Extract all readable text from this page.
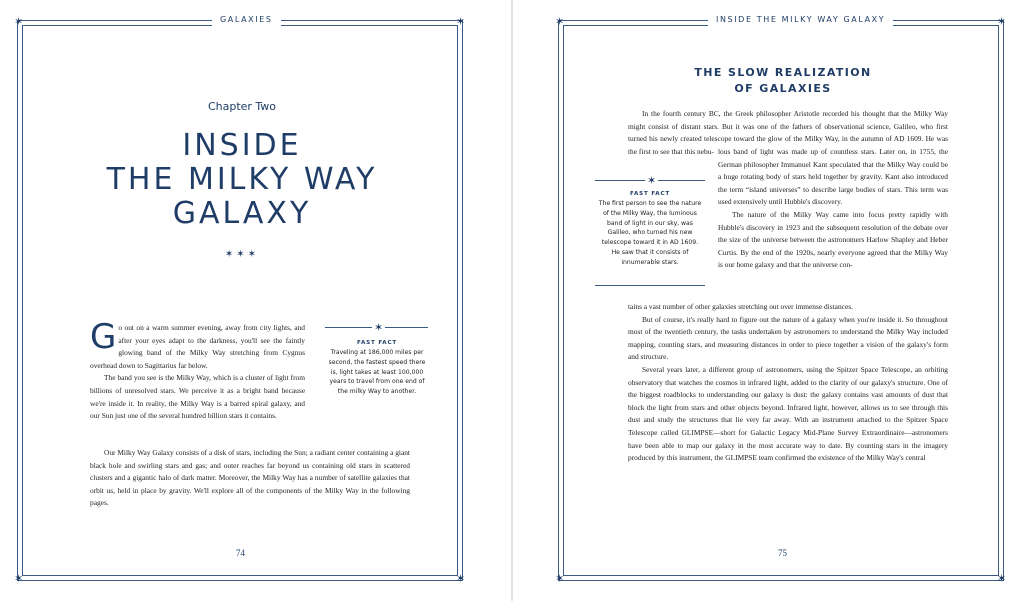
✶	✶
✶	✶
GALAXIES
Chapter Two
INSIDE
THE MILKY WAY
GALAXY
✶✶✶

Go out on a warm summer evening, away from city lights, and after your eyes adapt to the darkness, you'll see the faintly glowing band of the Milky Way stretching from Cygnus overhead down to Sagittarius far below.

The band you see is the Milky Way, which is a cluster of light from billions of unresolved stars. We perceive it as a bright band because we're inside it. In reality, the Milky Way is a barred spiral galaxy, and our Sun just one of the several hundred billion stars it contains.

✶
FAST FACT
Traveling at 186,000 miles per second, the fastest speed there is, light takes at least 100,000 years to travel from one end of the milky Way to another.

Our Milky Way Galaxy consists of a disk of stars, including the Sun; a radiant center containing a giant black hole and swirling stars and gas; and outer reaches far beyond us containing old stars in scattered clusters and a gigantic halo of dark matter. Moreover, the Milky Way has a number of satellite galaxies that orbit us, held in place by gravity. We'll explore all of the components of the Milky Way in the following pages.

74
✶	✶
✶	✶
INSIDE THE MILKY WAY GALAXY
THE SLOW REALIZATION
OF GALAXIES

In the fourth century BC, the Greek philosopher Aristotle recorded his thought that the Milky Way might consist of distant stars. But it was one of the fathers of observational science, Galileo, who first turned his newly created telescope toward the glow of the Milky Way, in the autumn of AD 1609. He was the first to see that this nebu-

✶
FAST FACT
The first person to see the nature of the Milky Way, the luminous band of light in our sky, was Galileo, who turned his new telescope toward it in AD 1609. He saw that it consists of innumerable stars.

lous band of light was made up of countless stars. Later on, in 1755, the German philosopher Immanuel Kant speculated that the Milky Way could be a huge rotating body of stars held together by gravity. Kant also introduced the term “island universes” to describe large bodies of stars. This term was used extensively until Hubble's discovery.

The nature of the Milky Way came into focus pretty rapidly with Hubble's discovery in 1923 and the subsequent resolution of the debate over the size of the universe between the astronomers Harlow Shapley and Heber Curtis. By the end of the 1920s, nearly everyone agreed that the Milky Way is our home galaxy and that the universe con-

tains a vast number of other galaxies stretching out over immense distances.

But of course, it's really hard to figure out the nature of a galaxy when you're inside it. So throughout most of the twentieth century, the tasks undertaken by astronomers to understand the Milky Way included mapping, counting stars, and measuring distances in order to piece together a vision of the galaxy's form and structure.

Several years later, a different group of astronomers, using the Spitzer Space Telescope, an orbiting observatory that watches the cosmos in infrared light, added to the clarity of our galaxy's structure. One of the biggest roadblocks to understanding our galaxy is dust: the galaxy contains vast amounts of dust that block the light from stars and other objects beyond. Infrared light, however, allows us to see through this dust and study the structures that lie very far away. With an instrument attached to the Spitzer Space Telescope called GLIMPSE—short for Galactic Legacy Mid-Plane Survey Extraordinaire—astronomers have been able to map our galaxy in the most accurate way to date. By counting stars in the imagery produced by this instrument, the GLIMPSE team confirmed the existence of the Milky Way's central

75
